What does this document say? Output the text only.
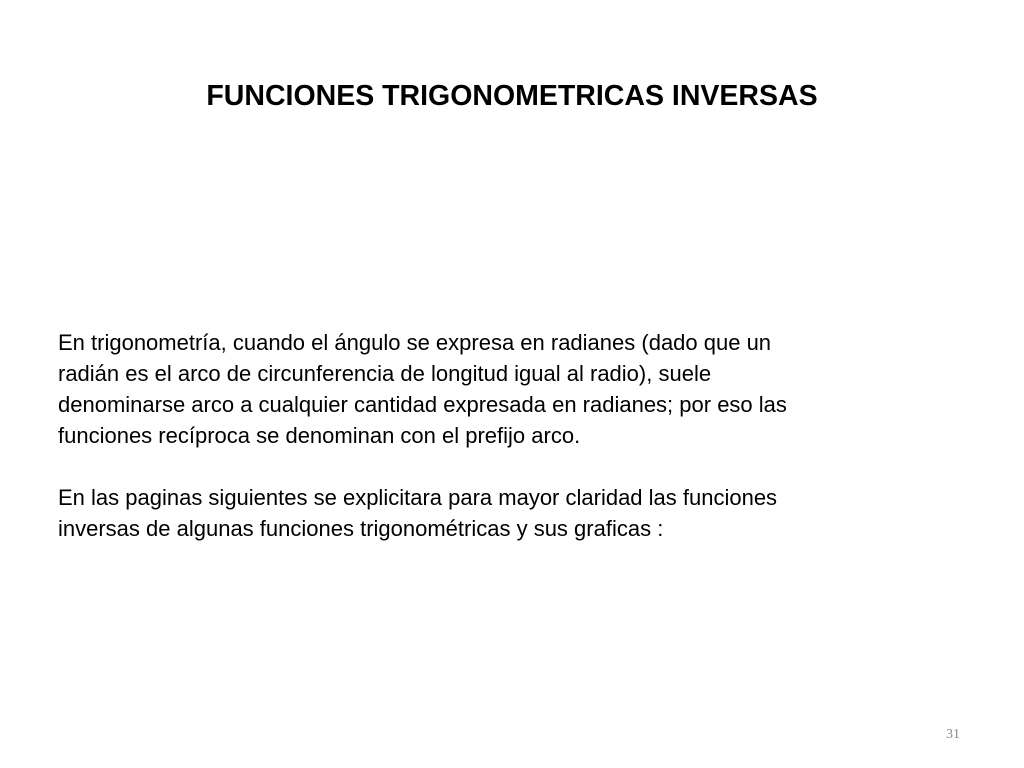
FUNCIONES TRIGONOMETRICAS INVERSAS

En trigonometría, cuando el ángulo se expresa en radianes (dado que un
radián es el arco de circunferencia de longitud igual al radio), suele
denominarse arco a cualquier cantidad expresada en radianes; por eso las
funciones recíproca se denominan con el prefijo arco.

En las paginas siguientes se explicitara para mayor claridad las funciones
inversas de algunas funciones trigonométricas y sus graficas :

31
